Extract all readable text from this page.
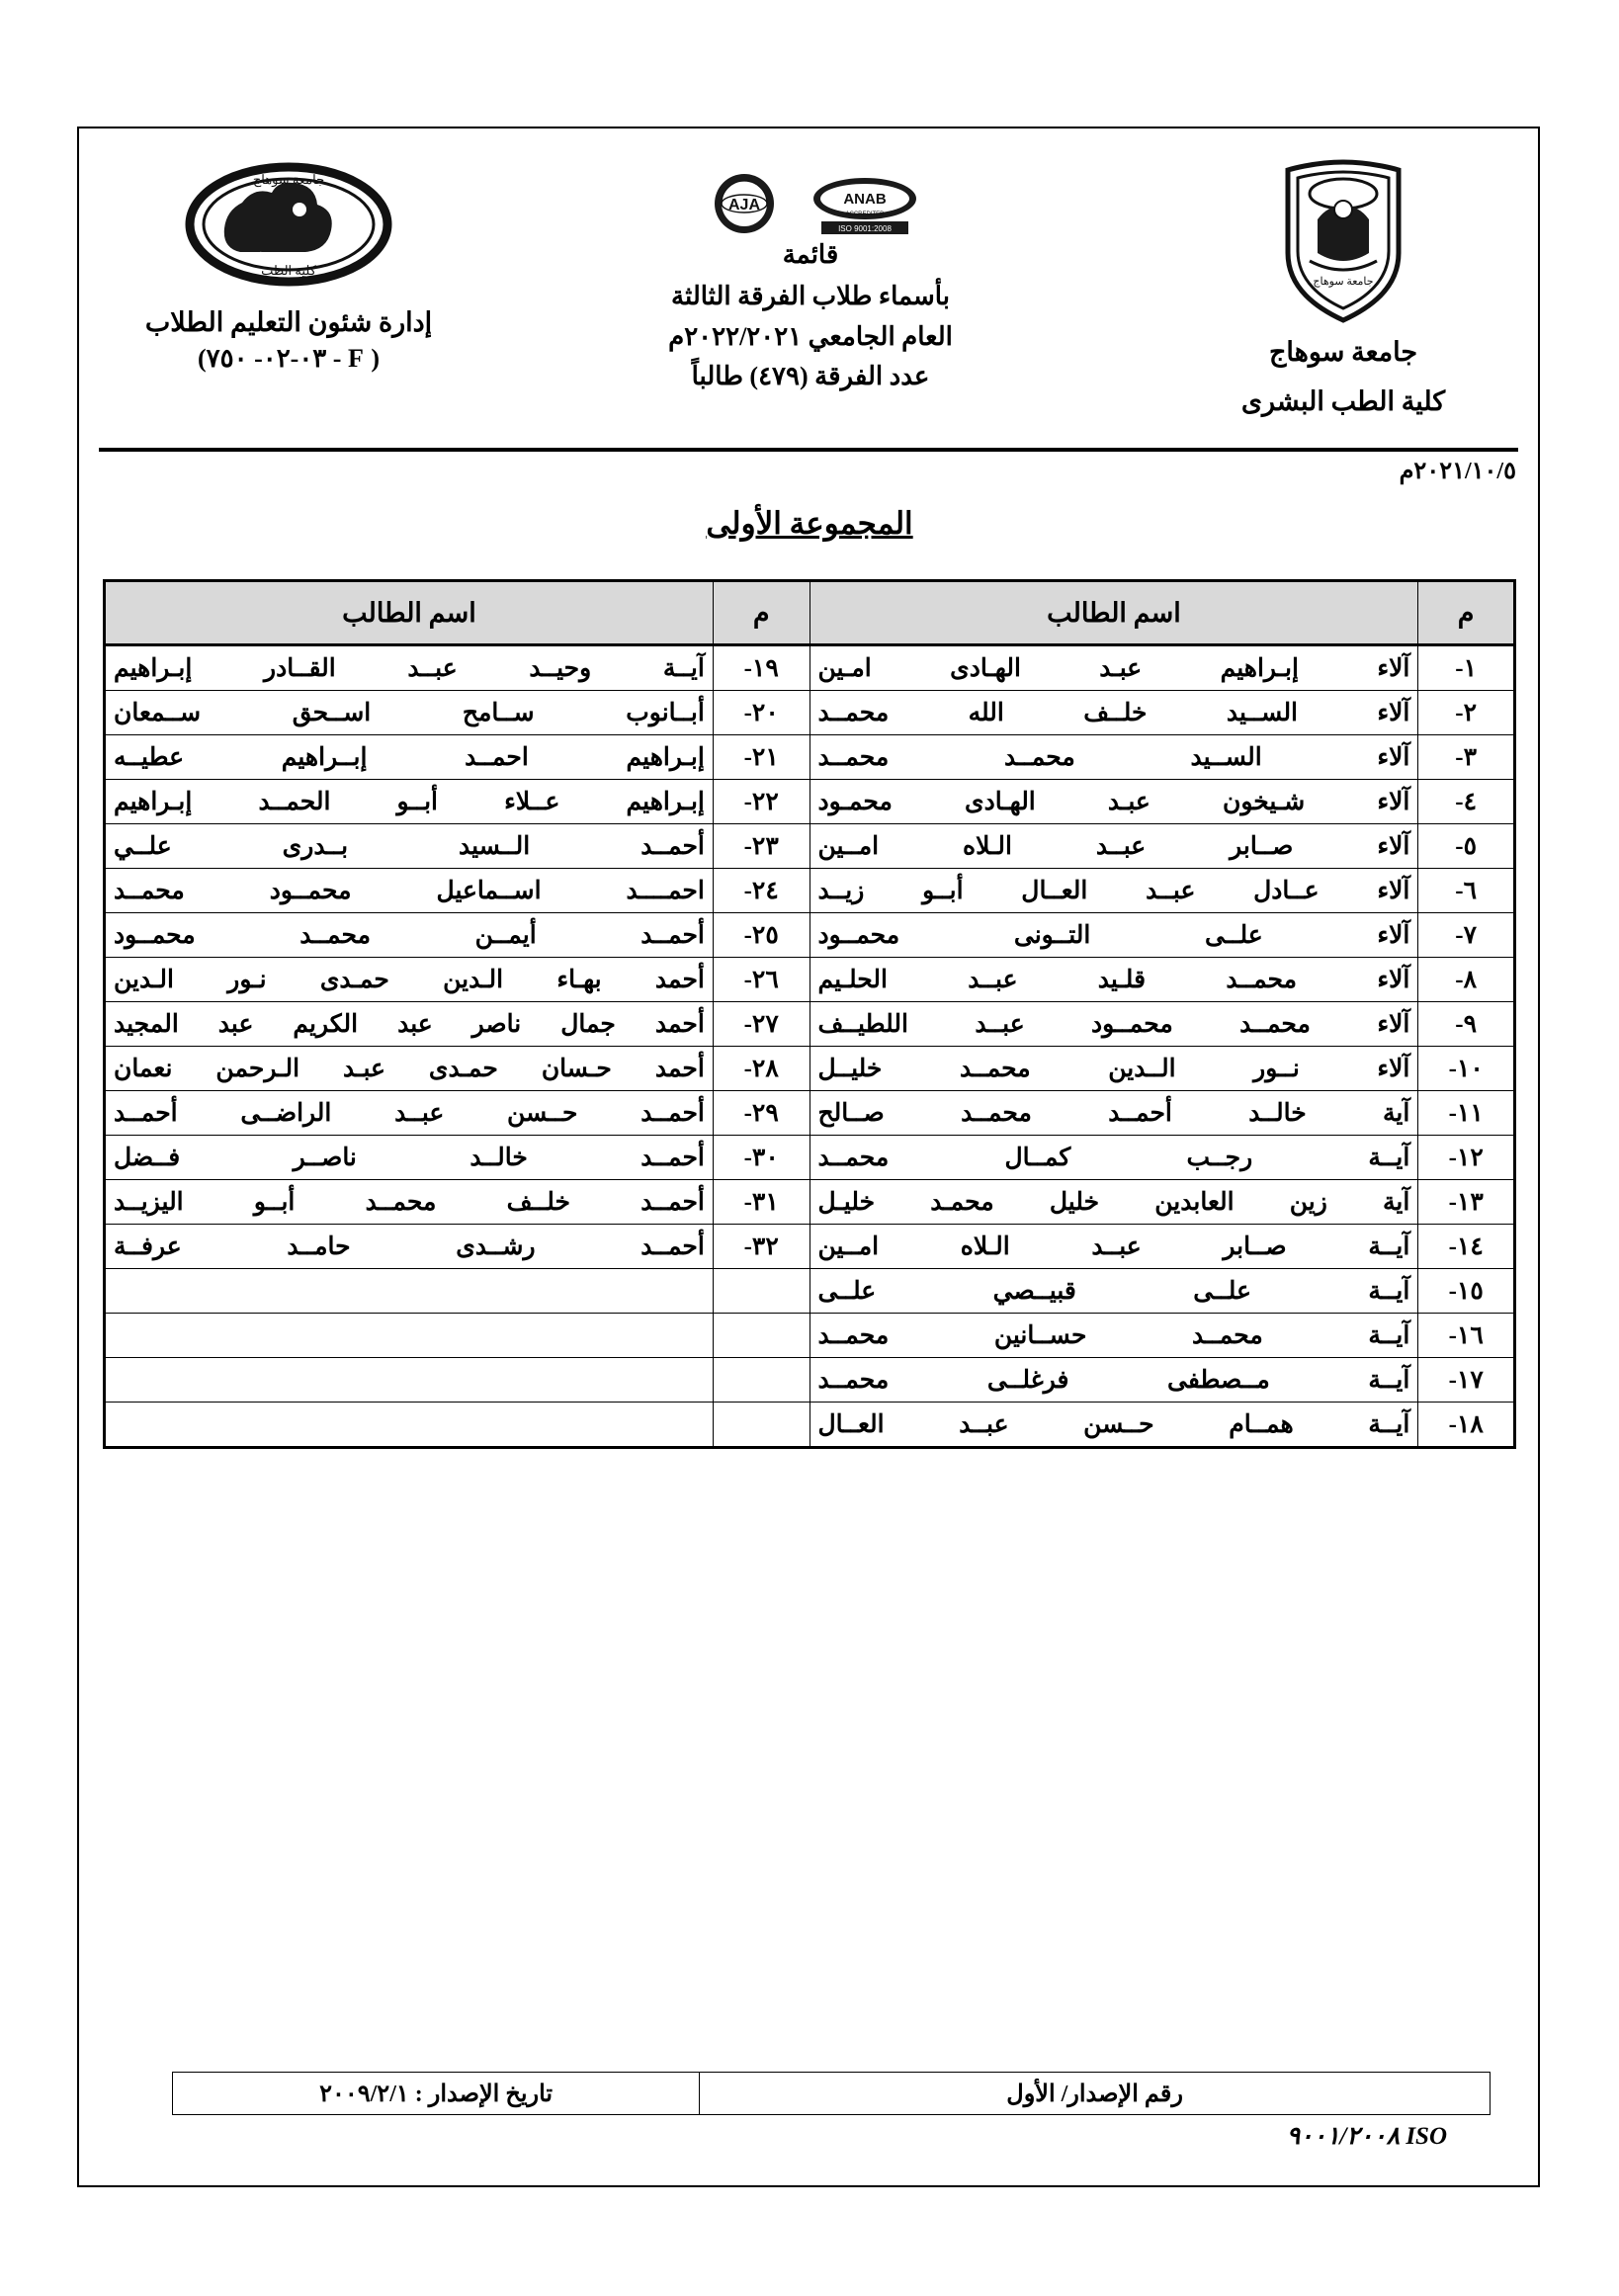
جامعة سوهاج
جامعة سوهاج
كلية الطب البشرى
ANAB
ACCREDITED
ISO 9001:2008
AJA
قائمة
بأسماء طلاب الفرقة الثالثة
العام الجامعي ٢٠٢٢/٢٠٢١م
عدد الفرقة (٤٧٩) طالباً
جامعة سوهاج
كلية الطب
إدارة شئون التعليم الطلاب
(٠٣-٠٢- ٧٥٠ - F )
٢٠٢١/١٠/٥م
المجموعة الأولى
م	اسم الطالب	م	اسم الطالب
١-	آلاء إبـراهيم عبـد الهـادى امـين	١٩-	آيــة وحيــد عبــد القــادر إبـراهيم
٢-	آلاء الســيد خلــف الله محمــد	٢٠-	أبــانوب ســامح اســحق ســمعان
٣-	آلاء الســيد محمــد محمــد	٢١-	إبـراهيم احمــد إبــراهيم عطيــه
٤-	آلاء شـيخون عبـد الهـادى محمـود	٢٢-	إبـراهيم عــلاء أبــو الحمــد إبـراهيم
٥-	آلاء صــابر عبــد الـلاه امــين	٢٣-	أحمــد الــسيد بــدرى علــي
٦-	آلاء عــادل عبــد العــال أبــو زيــد	٢٤-	احمــــد اســماعيل محمــود محمــد
٧-	آلاء علــى التــونى محمــود	٢٥-	أحمــد أيمــن محمــد محمــود
٨-	آلاء محمــد قلـيد عبــد الحلـيم	٢٦-	أحمد بهـاء الـدين حمـدى نـور الـدين
٩-	آلاء محمــد محمــود عبــد اللطيــف	٢٧-	أحمد جمال ناصر عبد الكريم عبد المجيد
١٠-	آلاء نــور الــدين محمــد خليــل	٢٨-	أحمد حـسان حمـدى عبـد الـرحمن نعمان
١١-	آية خالــد أحمــد محمــد صــالح	٢٩-	أحمــد حــسن عبــد الراضــى أحمــد
١٢-	آيــة رجــب كمــال محمــد	٣٠-	أحمــد خالــد ناصــر فــضل
١٣-	آية زين العابدين خليل محمـد خليـل	٣١-	أحمــد خلــف محمــد أبــو اليزيــد
١٤-	آيــة صــابر عبــد الـلاه امــين	٣٢-	أحمــد رشــدى حامــد عرفــة
١٥-	آيــة علــى قبيــصي علــى		
١٦-	آيــة محمــد حســانين محمــد		
١٧-	آيــة مــصطفى فرغلــى محمــد		
١٨-	آيــة همــام حــسن عبــد العــال		
رقم الإصدار/ الأول	تاريخ الإصدار : ٢٠٠٩/٢/١
ISO ٩٠٠١/٢٠٠٨
